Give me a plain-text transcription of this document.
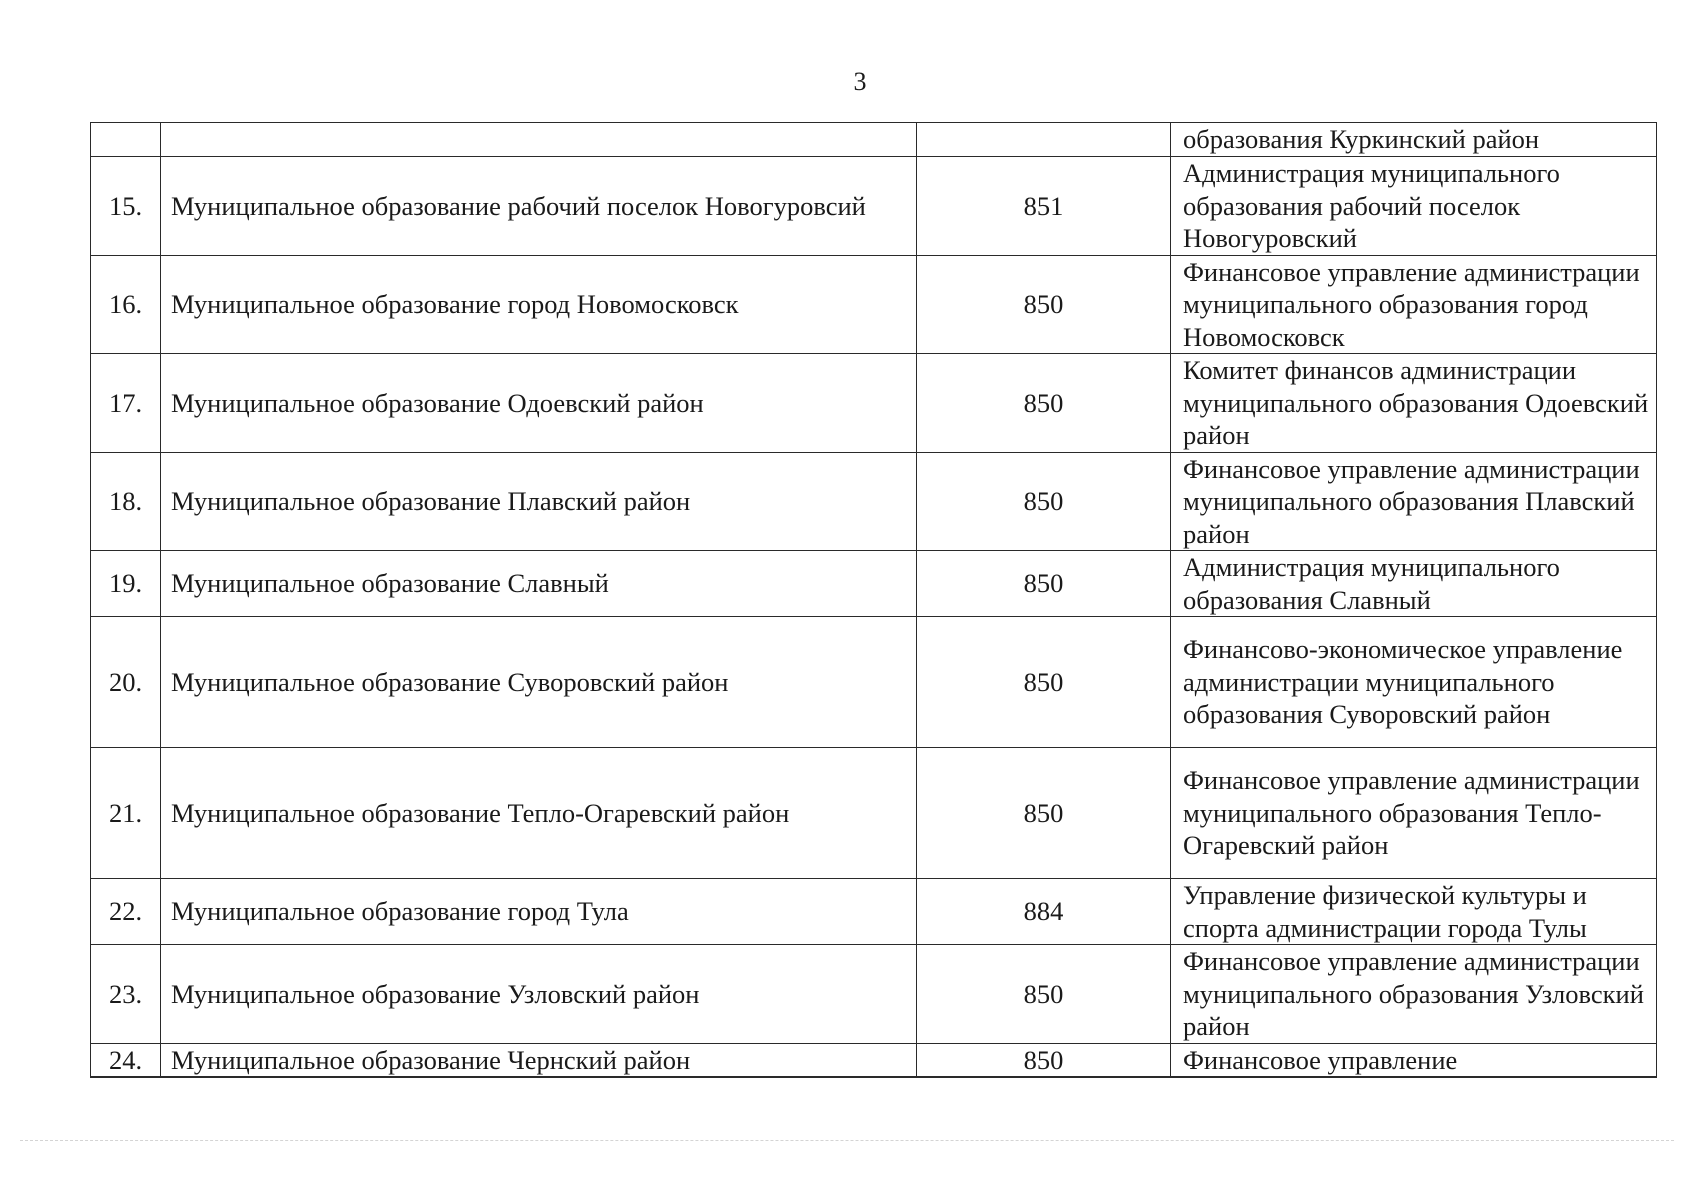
3

			образования Куркинский район

15.	Муниципальное образование рабочий поселок Новогуровсий	851	Администрация муниципального образования рабочий поселок Новогуровский

16.	Муниципальное образование город Новомосковск	850	Финансовое управление администрации муниципального образования город Новомосковск

17.	Муниципальное образование Одоевский район	850	Комитет финансов администрации муниципального образования Одоевский район

18.	Муниципальное образование Плавский район	850	Финансовое управление администрации муниципального образования Плавский район

19.	Муниципальное образование Славный	850	Администрация муниципального образования Славный

20.	Муниципальное образование Суворовский район	850	Финансово-экономическое управление администрации муниципального образования Суворовский район

21.	Муниципальное образование Тепло-Огаревский район	850	Финансовое управление администрации муниципального образования Тепло-Огаревский район

22.	Муниципальное образование город Тула	884	Управление физической культуры и спорта администрации города Тулы

23.	Муниципальное образование Узловский район	850	Финансовое управление администрации муниципального образования Узловский район

24.	Муниципальное образование Чернский район	850	Финансовое управление
